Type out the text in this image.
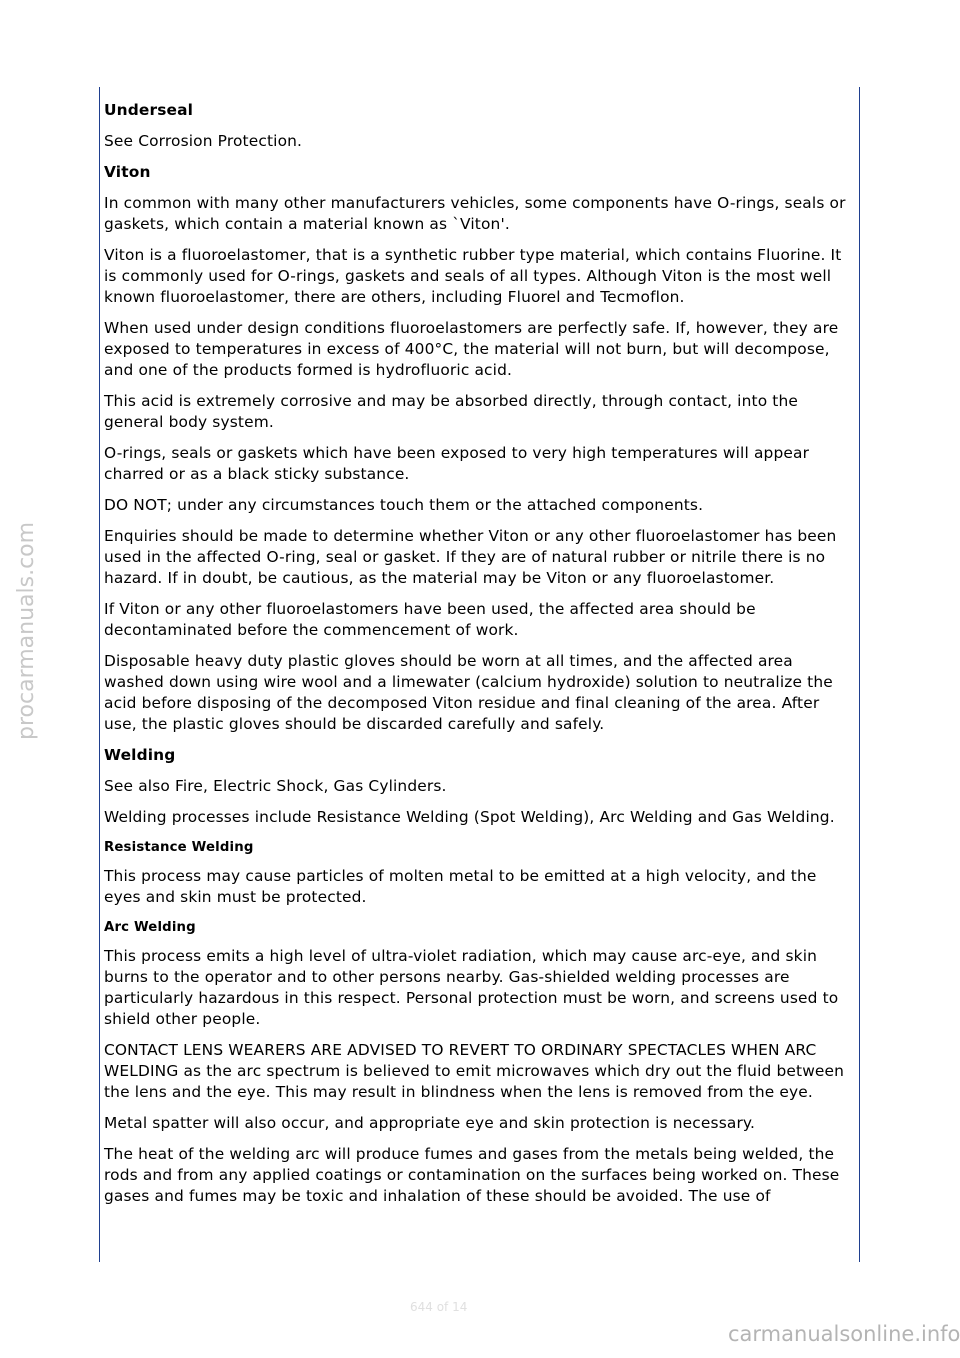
Underseal

See Corrosion Protection.

Viton

In common with many other manufacturers vehicles, some components have O-rings, seals or gaskets, which contain a material known as `Viton'.

Viton is a fluoroelastomer, that is a synthetic rubber type material, which contains Fluorine. It is commonly used for O-rings, gaskets and seals of all types. Although Viton is the most well known fluoroelastomer, there are others, including Fluorel and Tecmoflon.

When used under design conditions fluoroelastomers are perfectly safe. If, however, they are exposed to temperatures in excess of 400°C, the material will not burn, but will decompose, and one of the products formed is hydrofluoric acid.

This acid is extremely corrosive and may be absorbed directly, through contact, into the general body system.

O-rings, seals or gaskets which have been exposed to very high temperatures will appear charred or as a black sticky substance.

DO NOT; under any circumstances touch them or the attached components.

Enquiries should be made to determine whether Viton or any other fluoroelastomer has been used in the affected O-ring, seal or gasket. If they are of natural rubber or nitrile there is no hazard. If in doubt, be cautious, as the material may be Viton or any fluoroelastomer.

If Viton or any other fluoroelastomers have been used, the affected area should be decontaminated before the commencement of work.

Disposable heavy duty plastic gloves should be worn at all times, and the affected area washed down using wire wool and a limewater (calcium hydroxide) solution to neutralize the acid before disposing of the decomposed Viton residue and final cleaning of the area. After use, the plastic gloves should be discarded carefully and safely.

Welding

See also Fire, Electric Shock, Gas Cylinders.

Welding processes include Resistance Welding (Spot Welding), Arc Welding and Gas Welding.

Resistance Welding

This process may cause particles of molten metal to be emitted at a high velocity, and the eyes and skin must be protected.

Arc Welding

This process emits a high level of ultra-violet radiation, which may cause arc-eye, and skin burns to the operator and to other persons nearby. Gas-shielded welding processes are particularly hazardous in this respect. Personal protection must be worn, and screens used to shield other people.

CONTACT LENS WEARERS ARE ADVISED TO REVERT TO ORDINARY SPECTACLES WHEN ARC WELDING as the arc spectrum is believed to emit microwaves which dry out the fluid between the lens and the eye. This may result in blindness when the lens is removed from the eye.

Metal spatter will also occur, and appropriate eye and skin protection is necessary.

The heat of the welding arc will produce fumes and gases from the metals being welded, the rods and from any applied coatings or contamination on the surfaces being worked on. These gases and fumes may be toxic and inhalation of these should be avoided. The use of

procarmanuals.com
644 of 14
carmanualsonline.info
